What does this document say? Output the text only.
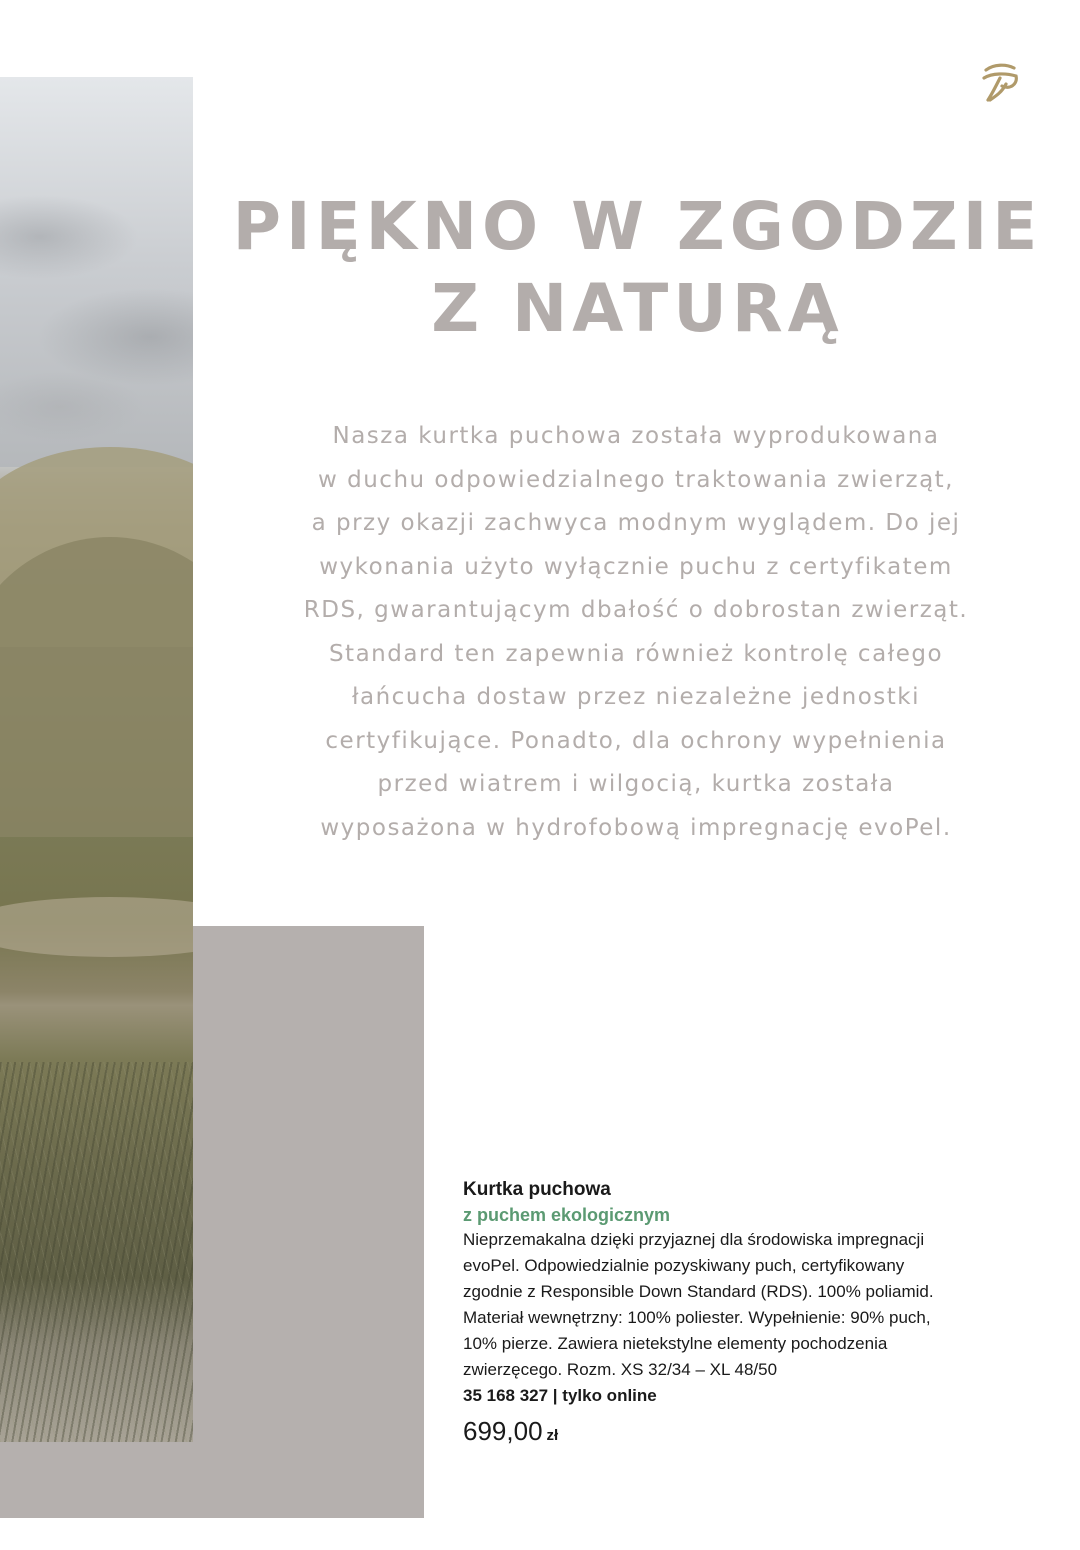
PIĘKNO W ZGODZIE
Z NATURĄ

Nasza kurtka puchowa została wyprodukowana
w duchu odpowiedzialnego traktowania zwierząt,
a przy okazji zachwyca modnym wyglądem. Do jej
wykonania użyto wyłącznie puchu z certyfikatem
RDS, gwarantującym dbałość o dobrostan zwierząt.
Standard ten zapewnia również kontrolę całego
łańcucha dostaw przez niezależne jednostki
certyfikujące. Ponadto, dla ochrony wypełnienia
przed wiatrem i wilgocią, kurtka została
wyposażona w hydrofobową impregnację evoPel.

Kurtka puchowa
z puchem ekologicznym
Nieprzemakalna dzięki przyjaznej dla środowiska impregnacji
evoPel. Odpowiedzialnie pozyskiwany puch, certyfikowany
zgodnie z Responsible Down Standard (RDS). 100% poliamid.
Materiał wewnętrzny: 100% poliester. Wypełnienie: 90% puch,
10% pierze. Zawiera nietekstylne elementy pochodzenia
zwierzęcego. Rozm. XS 32/34 – XL 48/50
35 168 327 | tylko online
699,00 zł
